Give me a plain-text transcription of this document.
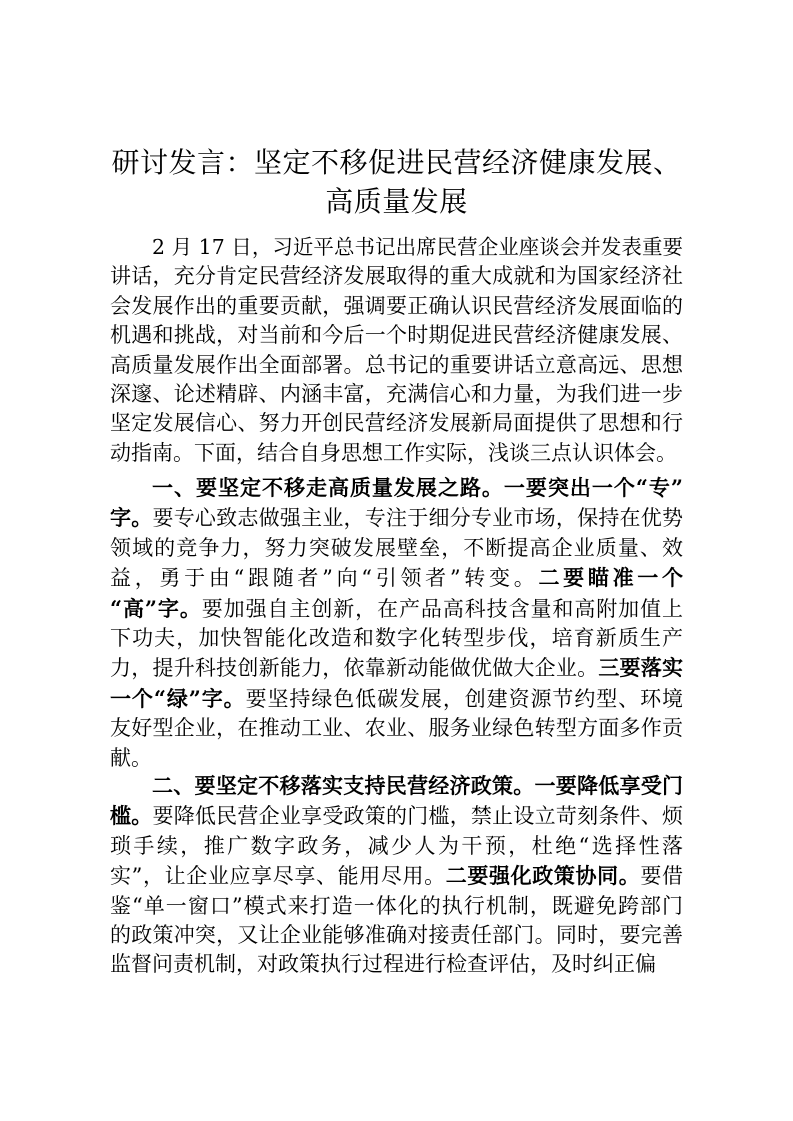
研讨发言：坚定不移促进民营经济健康发展、
高质量发展
2 月 17 日，习近平总书记出席民营企业座谈会并发表重要
讲话，充分肯定民营经济发展取得的重大成就和为国家经济社
会发展作出的重要贡献，强调要正确认识民营经济发展面临的
机遇和挑战，对当前和今后一个时期促进民营经济健康发展、
高质量发展作出全面部署。总书记的重要讲话立意高远、思想
深邃、论述精辟、内涵丰富，充满信心和力量，为我们进一步
坚定发展信心、努力开创民营经济发展新局面提供了思想和行
动指南。下面，结合自身思想工作实际，浅谈三点认识体会。
一、要坚定不移走高质量发展之路。一要突出一个“专”
字。要专心致志做强主业，专注于细分专业市场，保持在优势
领域的竞争力，努力突破发展壁垒，不断提高企业质量、效
益，勇于由“跟随者”向“引领者”转变。二要瞄准一个
“高”字。要加强自主创新，在产品高科技含量和高附加值上
下功夫，加快智能化改造和数字化转型步伐，培育新质生产
力，提升科技创新能力，依靠新动能做优做大企业。三要落实
一个“绿”字。要坚持绿色低碳发展，创建资源节约型、环境
友好型企业，在推动工业、农业、服务业绿色转型方面多作贡
献。
二、要坚定不移落实支持民营经济政策。一要降低享受门
槛。要降低民营企业享受政策的门槛，禁止设立苛刻条件、烦
琐手续，推广数字政务，减少人为干预，杜绝“选择性落
实”，让企业应享尽享、能用尽用。二要强化政策协同。要借
鉴“单一窗口”模式来打造一体化的执行机制，既避免跨部门
的政策冲突，又让企业能够准确对接责任部门。同时，要完善
监督问责机制，对政策执行过程进行检查评估，及时纠正偏
